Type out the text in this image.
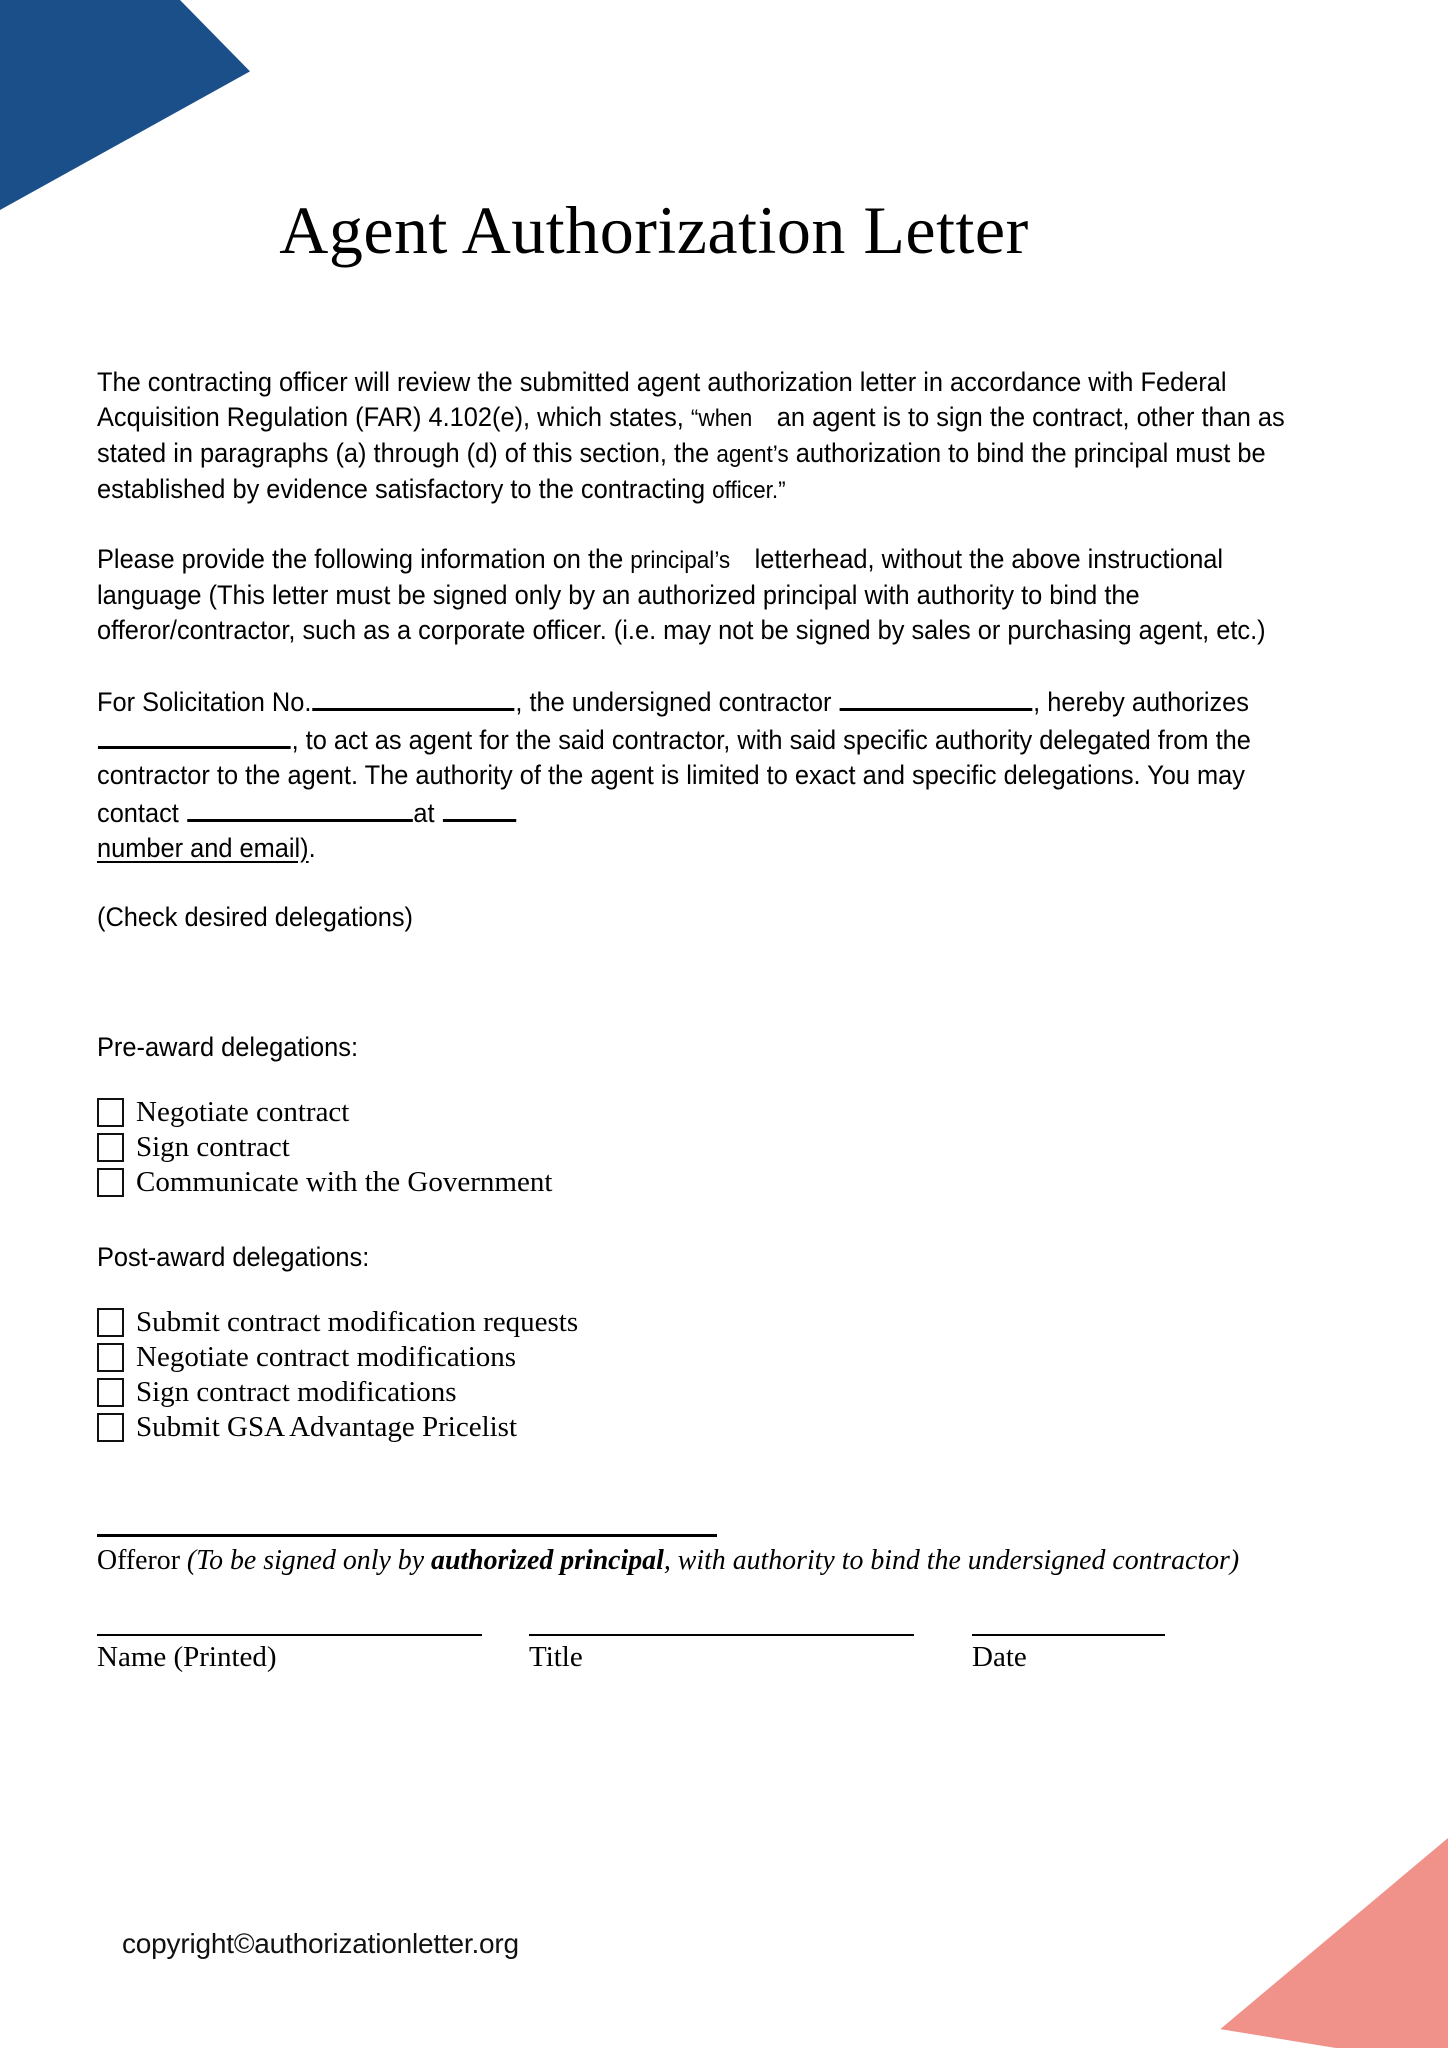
Agent Authorization Letter

The contracting officer will review the submitted agent authorization letter in accordance with Federal Acquisition Regulation (FAR) 4.102(e), which states, “when an agent is to sign the contract, other than as stated in paragraphs (a) through (d) of this section, the agent’s authorization to bind the principal must be established by evidence satisfactory to the contracting officer.”

Please provide the following information on the principal’s letterhead, without the above instructional language (This letter must be signed only by an authorized principal with authority to bind the offeror/contractor, such as a corporate officer. (i.e. may not be signed by sales or purchasing agent, etc.)

For Solicitation No.	, the undersigned contractor	, hereby authorizes   , to act as agent for the said contractor, with said specific authority delegated from the contractor to the agent. The authority of the agent is limited to exact and specific delegations. You may contact	at
number and email).

(Check desired delegations)

Pre-award delegations:
Negotiate contract
Sign contract
Communicate with the Government
Post-award delegations:
Submit contract modification requests
Negotiate contract modifications
Sign contract modifications
Submit GSA Advantage Pricelist
Offeror (To be signed only by authorized principal, with authority to bind the undersigned contractor)
Name (Printed)	Title	Date
copyright©authorizationletter.org
